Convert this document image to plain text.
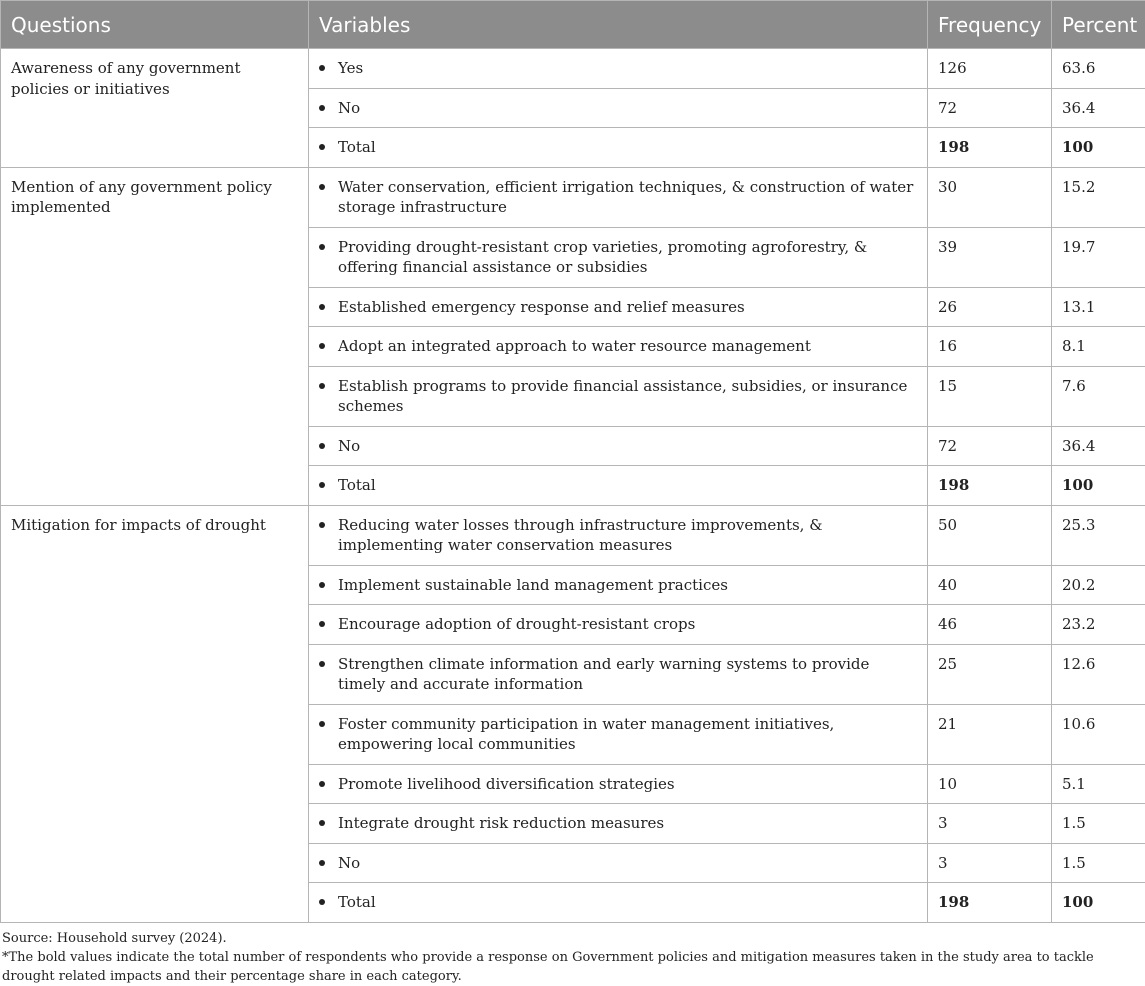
Questions	Variables	Frequency	Percent
Awareness of any government policies or initiatives	Yes	126	63.6

	No	72	36.4

	Total	198	100
Mention of any government policy implemented	Water conservation, efficient irrigation techniques, & construction of water storage infrastructure	30	15.2

	Providing drought-resistant crop varieties, promoting agroforestry, & offering financial assistance or subsidies	39	19.7

	Established emergency response and relief measures	26	13.1

	Adopt an integrated approach to water resource management	16	8.1

	Establish programs to provide financial assistance, subsidies, or insurance schemes	15	7.6

	No	72	36.4

	Total	198	100
Mitigation for impacts of drought	Reducing water losses through infrastructure improvements, & implementing water conservation measures	50	25.3

	Implement sustainable land management practices	40	20.2

	Encourage adoption of drought-resistant crops	46	23.2

	Strengthen climate information and early warning systems to provide timely and accurate information	25	12.6

	Foster community participation in water management initiatives, empowering local communities	21	10.6

	Promote livelihood diversification strategies	10	5.1

	Integrate drought risk reduction measures	3	1.5

	No	3	1.5

	Total	198	100

Source: Household survey (2024).

*The bold values indicate the total number of respondents who provide a response on Government policies and mitigation measures taken in the study area to tackle drought related impacts and their percentage share in each category.
